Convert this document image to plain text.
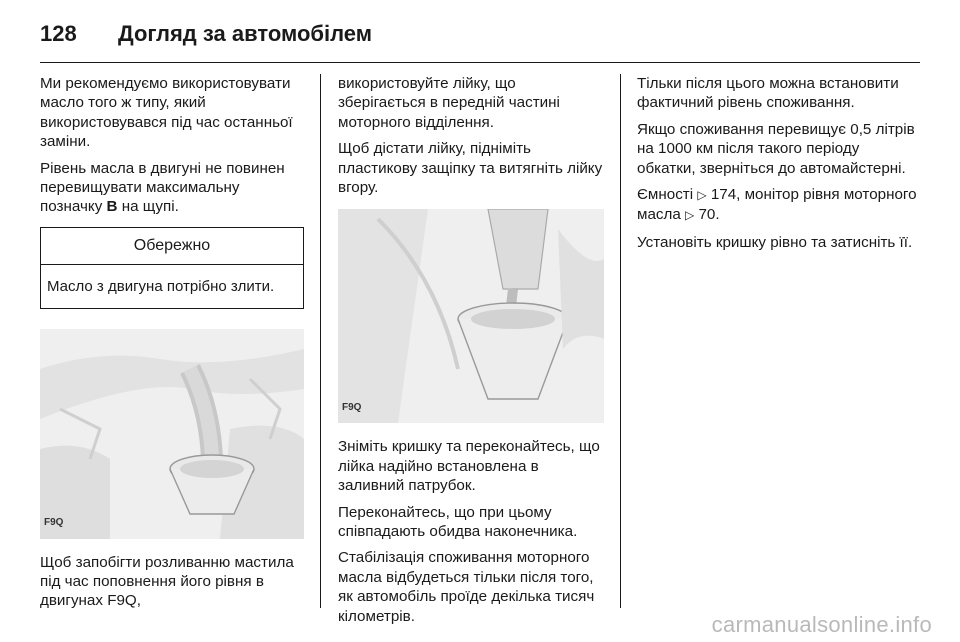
128	Догляд за автомобілем

Ми рекомендуємо використовувати масло того ж типу, який використовувався під час останньої заміни.

Рівень масла в двигуні не повинен перевищувати максимальну позначку B на щупі.

Обережно
Масло з двигуна потрібно злити.
F9Q

Щоб запобігти розливанню мастила під час поповнення його рівня в двигунах F9Q,

використовуйте лійку, що зберігається в передній частині моторного відділення.

Щоб дістати лійку, підніміть пластикову защіпку та витягніть лійку вгору.

F9Q

Зніміть кришку та переконайтесь, що лійка надійно встановлена в заливний патрубок.

Переконайтесь, що при цьому співпадають обидва наконечника.

Стабілізація споживання моторного масла відбудеться тільки після того, як автомобіль проїде декілька тисяч кілометрів.

Тільки після цього можна встановити фактичний рівень споживання.

Якщо споживання перевищує 0,5 літрів на 1000 км після такого періоду обкатки, зверніться до автомайстерні.

Ємності ▷ 174, монітор рівня моторного масла ▷ 70.

Установіть кришку рівно та затисніть її.

carmanualsonline.info
